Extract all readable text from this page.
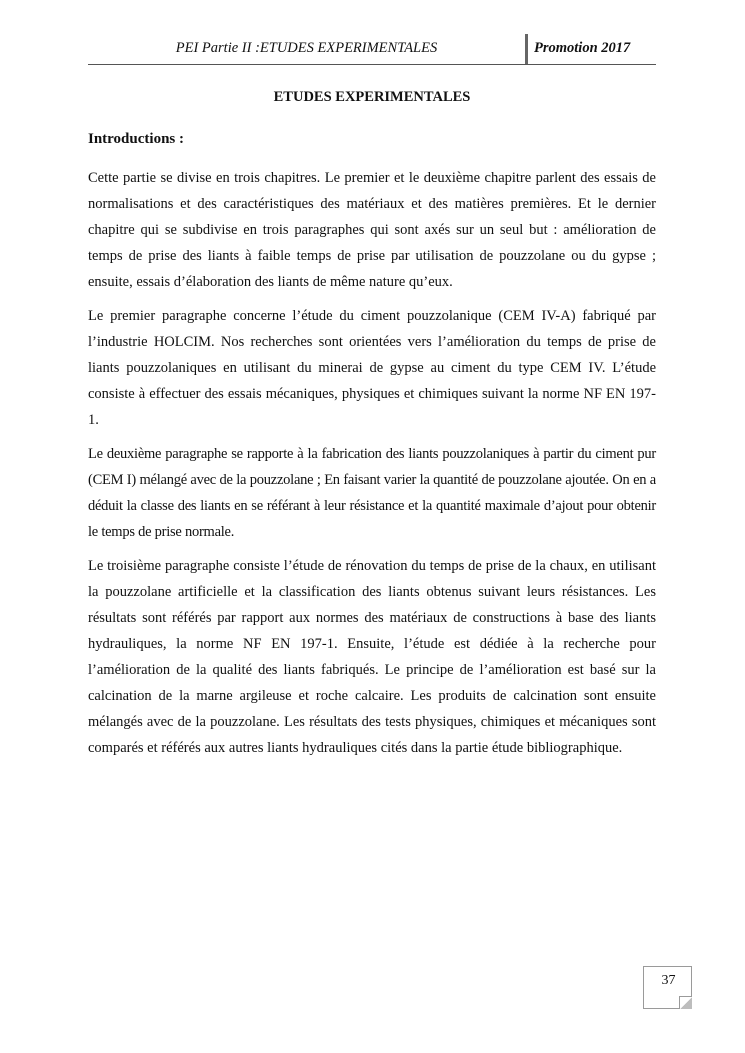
PEI Partie II :ETUDES EXPERIMENTALES	Promotion 2017
ETUDES EXPERIMENTALES
Introductions :

Cette partie se divise en trois chapitres. Le premier et le deuxième chapitre parlent des essais de normalisations et des caractéristiques des matériaux et des matières premières. Et le dernier chapitre qui se subdivise en trois paragraphes qui sont axés sur un seul but : amélioration de temps de prise des liants à faible temps de prise par utilisation de pouzzolane ou du gypse ; ensuite, essais d’élaboration des liants de même nature qu’eux.

Le premier paragraphe concerne l’étude du ciment pouzzolanique (CEM IV-A) fabriqué par l’industrie HOLCIM. Nos recherches sont orientées vers l’amélioration du temps de prise de liants pouzzolaniques en utilisant du minerai de gypse au ciment du type CEM IV. L’étude consiste à effectuer des essais mécaniques, physiques et chimiques suivant la norme NF EN 197-1.

Le deuxième paragraphe se rapporte à la fabrication des liants pouzzolaniques à partir du ciment pur (CEM I) mélangé avec de la pouzzolane ; En faisant varier la quantité de pouzzolane ajoutée. On en a déduit la classe des liants en se référant à leur résistance et la quantité maximale d’ajout pour obtenir le temps de prise normale.

Le troisième paragraphe consiste l’étude de rénovation du temps de prise de la chaux, en utilisant la pouzzolane artificielle et la classification des liants obtenus suivant leurs résistances. Les résultats sont référés par rapport aux normes des matériaux de constructions à base des liants hydrauliques, la norme NF EN 197-1. Ensuite, l’étude est dédiée à la recherche pour l’amélioration de la qualité des liants fabriqués. Le principe de l’amélioration est basé sur la calcination de la marne argileuse et roche calcaire. Les produits de calcination sont ensuite mélangés avec de la pouzzolane. Les résultats des tests physiques, chimiques et mécaniques sont comparés et référés aux autres liants hydrauliques cités dans la partie étude bibliographique.

37
